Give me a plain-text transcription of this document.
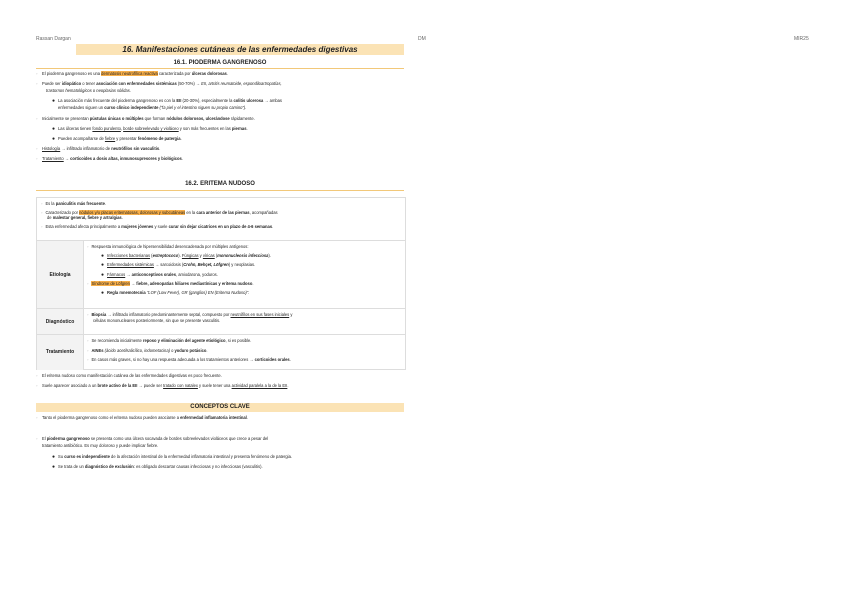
Rassan Dargan	DM	MIR25
16. Manifestaciones cutáneas de las enfermedades digestivas
16.1. PIODERMA GANGRENOSO
◦ El pioderma gangrenoso es una dermatosis neutrofílica reactiva caracterizada por úlceras dolorosas.
◦ Puede ser idiopático o tener asociación con enfermedades sistémicas (50-70%) → EII, artritis reumatoide, espondiloartropatías,
trastornos hematológicos o neoplasias sólidas.
● La asociación más frecuente del pioderma gangrenoso es con la EII (20-30%), especialmente la colitis ulcerosa → ambas
enfermedades siguen un curso clínico independiente ("la piel y el intestino siguen su propio camino").
◦ Inicialmente se presentan pústulas únicas o múltiples que forman nódulos dolorosos, ulcerándose rápidamente.
● Las úlceras tienen fondo purulento, borde sobreelevado y violáceo y son más frecuentes en las piernas.
● Pueden acompañarse de fiebre y presentar fenómeno de patergia.
◦ Histología → infiltrado inflamatorio de neutrófilos sin vasculitis.
◦ Tratamiento → corticoides a dosis altas, inmunosupresores y biológicos.
16.2. ERITEMA NUDOSO
◦ Es la paniculitis más frecuente.
◦ Caracterizado por nódulos y/o placas eritematosas, dolorosas y subcutáneas en la cara anterior de las piernas, acompañadas
de malestar general, fiebre y artralgias.
◦ Esta enfermedad afecta principalmente a mujeres jóvenes y suele curar sin dejar cicatrices en un plazo de 4-6 semanas.
Etiología
◦ Respuesta inmunológica de hipersensibilidad desencadenada por múltiples antígenos:
● Infecciones bacterianas (estreptococo). Fúngicas y víricas (mononucleosis infecciosa).
● Enfermedades sistémicas → sarcoidosis (Crohn, Behçet, Löfgren) y neoplasias.
● Fármacos → anticonceptivos orales, amiodarona, yoduros.
◦ Síndrome de Löfgren → fiebre, adenopatías hiliares mediastínicas y eritema nudoso.
● Regla mnemotecnia "LOF (Low Fever), GR (ganglios) EN (Eritema Nudoso)".
Diagnóstico
◦ Biopsia → infiltrado inflamatorio predominantemente septal, compuesto por neutrófilos en sus fases iniciales y
células mononucleares posteriormente, sin que se presente vasculitis.
Tratamiento
◦ Se recomienda inicialmente reposo y eliminación del agente etiológico, si es posible.
◦ AINEs (ácido acetilsalicílico, indometacina) o yoduro potásico.
◦ En casos más graves, si no hay una respuesta adecuada a los tratamientos anteriores → corticoides orales.
◦ El eritema nudoso como manifestación cutánea de las enfermedades digestivas es poco frecuente.
◦ Suele aparecer asociado a un brote activo de la EII → puede ser tratado con natalex y suele tener una actividad paralela a la de la EII.
CONCEPTOS CLAVE
◦ Tanto el pioderma gangrenoso como el eritema nudoso pueden asociarse a enfermedad inflamatoria intestinal.
◦ El pioderma gangrenoso se presenta como una úlcera socavada de bordes sobreelevados violáceos que crece a pesar del
tratamiento antibiótico. Es muy doloroso y puede implicar fiebre.
● Su curso es independiente de la afectación intestinal de la enfermedad inflamatoria intestinal y presenta fenómeno de patergia.
● Se trata de un diagnóstico de exclusión: es obligado descartar causas infecciosas y no infecciosas (vasculitis).
